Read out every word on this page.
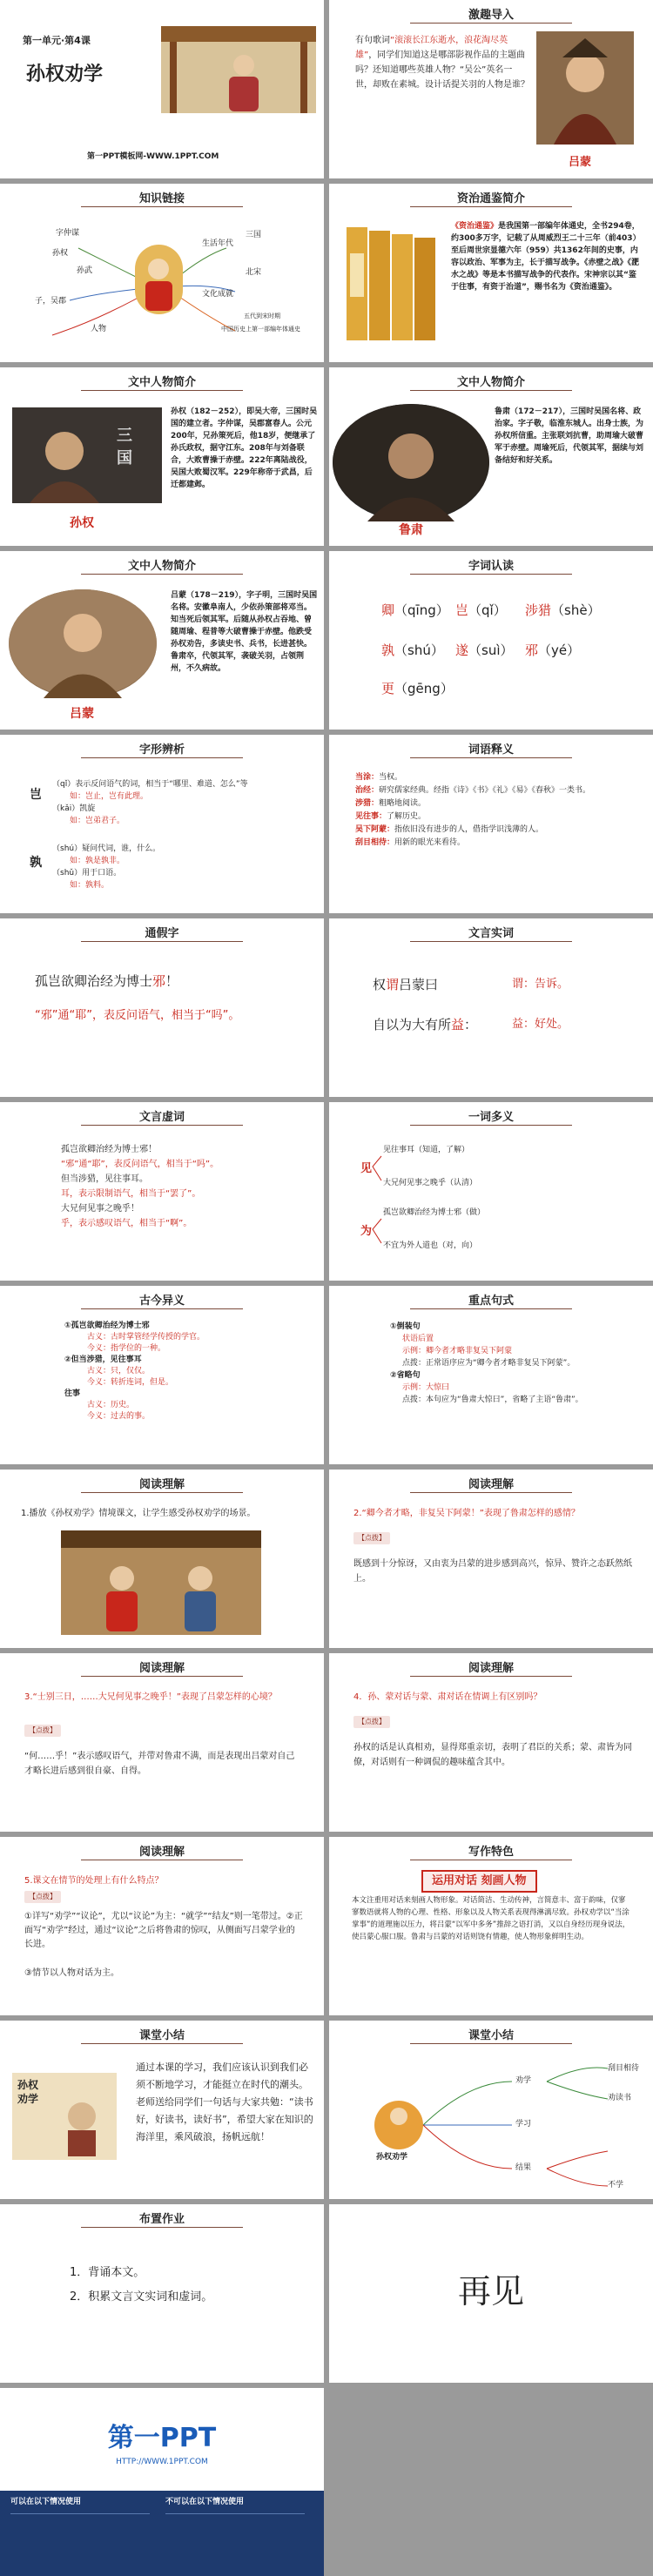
第一单元·第4课
孙权劝学
第一PPT模板网-WWW.1PPT.COM
激趣导入
有句歌词“滚滚长江东逝水，浪花淘尽英雄”，同学们知道这是哪部影视作品的主题曲吗？还知道哪些英雄人物？“吴公”英名一世，却败在素城。设计话提关羽的人物是谁？
吕蒙
知识链接
孙权
字仲谋
子，吴郡
人物
孙武
生活年代
三国
文化成就
五代到宋时期
中国历史上第一部编年体通史
北宋
资治通鉴简介
《资治通鉴》是我国第一部编年体通史，全书294卷，约300多万字，记载了从周威烈王二十三年（前403）至后周世宗显德六年（959）共1362年间的史事，内容以政治、军事为主，长于描写战争。《赤壁之战》《淝水之战》等是本书描写战争的代表作。宋神宗以其“鉴于往事，有资于治道”，赐书名为《资治通鉴》。
文中人物简介
三国
孙权（182－252），即吴大帝，三国时吴国的建立者。字仲谋，吴郡富春人。公元200年，兄孙策死后，他18岁，便继承了孙氏政权，据守江东。208年与刘备联合，大败曹操于赤壁。222年离陆战役，吴国大败蜀汉军。229年称帝于武昌，后迁都建邺。
孙权
文中人物简介
鲁肃（172－217），三国时吴国名将、政治家。字子敬，临淮东城人。出身士族，为孙权所信重。主张联刘抗曹，助周瑜大破曹军于赤壁。周瑜死后，代领其军，据续与刘备结好和好关系。
鲁肃
文中人物简介
吕蒙（178－219），字子明，三国时吴国名将。安徽阜南人，少依孙策部将邓当。知当死后领其军。后随从孙权占吞地、曾随周瑜、程普等大破曹操于赤壁。他跌受孙权劝告，多读史书、兵书，长进甚快。鲁肃卒，代领其军，袭破关羽，占领荆州，不久病故。
吕蒙
字词认读
卿（qīng） 岂（qǐ） 涉猎（shè）
孰（shú） 遂（suì） 邪（yé）
更（gēng）
字形辨析
岂
（qǐ）表示反问语气的词，相当于“哪里、难道、怎么”等
如：岂止，岂有此理。
（kǎi）凯旋
如：岂弟君子。
孰
（shú）疑问代词，谁，什么。
如：孰是孰非。
（shǔ）用于口语。
如：孰料。
词语释义
当涂：当权。
治经：研究儒家经典。经指《诗》《书》《礼》《易》《春秋》一类书。
涉猎：粗略地阅读。
见往事：了解历史。
吴下阿蒙：指依旧没有进步的人，借指学识浅薄的人。
刮目相待：用新的眼光来看待。
通假字
孤岂欲卿治经为博士邪！
“邪”通“耶”，表反问语气，相当于“吗”。
文言实词
权谓吕蒙曰	谓：告诉。
自以为大有所益：	益：好处。
文言虚词
孤岂欲卿治经为博士邪！
“邪”通“耶”，表反问语气，相当于“吗”。
但当涉猎，见往事耳。
耳，表示限制语气，相当于“罢了”。
大兄何见事之晚乎！
乎，表示感叹语气，相当于“啊”。
一词多义
见
见往事耳（知道，了解）
大兄何见事之晚乎（认清）
为
孤岂欲卿治经为博士邪（做）
不宜为外人道也（对，向）
古今异义
①孤岂欲卿治经为博士邪
古义：古时掌管经学传授的学官。
今义：指学位的一种。
②但当涉猎，见往事耳
古义：只，仅仅。
今义：转折连词，但是。
往事
古义：历史。
今义：过去的事。
重点句式
①倒装句
状语后置
示例：卿今者才略非复吴下阿蒙
点拨：正常语序应为“卿今者才略非复吴下阿蒙”。
②省略句
示例：大惊曰
点拨：本句应为“鲁肃大惊曰”，省略了主语“鲁肃”。
阅读理解
1.播放《孙权劝学》情境课文，让学生感受孙权劝学的场景。
阅读理解
2.“卿今者才略，非复吴下阿蒙！”表现了鲁肃怎样的感情？
【点拨】
既感到十分惊讶，又由衷为吕蒙的进步感到高兴，惊异、赞许之态跃然纸上。
阅读理解
3.“士别三日，……大兄何见事之晚乎！”表现了吕蒙怎样的心境？
【点拨】
“何……乎！”表示感叹语气，并带对鲁肃不满，而是表现出吕蒙对自己才略长进后感到很自豪、自得。
阅读理解
4．孙、蒙对话与蒙、肃对话在情调上有区别吗？
【点拨】
孙权的话是认真相劝，显得郑重亲切，表明了君臣的关系；蒙、肃皆为同僚，对话则有一种调侃的趣味蕴含其中。
阅读理解
5.课文在情节的处理上有什么特点？
【点拨】
①详写“劝学”“议论”，尤以“议论”为主：“就学”“结友”则一笔带过。②正面写“劝学”经过，通过“议论”之后将鲁肃的惊叹，从侧面写吕蒙学业的长进。
③情节以人物对话为主。
写作特色
运用对话 刻画人物
本文注重用对话来刻画人物形象。对话简洁、生动传神，言简意丰、富于韵味，仅寥寥数语就将人物的心理、性格、形象以及人物关系表现得淋漓尽致。孙权劝学以“当涂掌事”的道理施以压力，将吕蒙“以军中多务”推辞之语打消，又以自身经历现身说法，使吕蒙心服口服。鲁肃与吕蒙的对话则饶有情趣，使人物形象鲜明生动。
课堂小结
孙权劝学
通过本课的学习，我们应该认识到我们必须不断地学习，才能挺立在时代的潮头。老师送给同学们一句话与大家共勉：“读书好，好读书，读好书”，希望大家在知识的海洋里，乘风破浪，扬帆远航！
课堂小结
孙权劝学
劝学
学习
结果
刮目相待
劝读书
不学
布置作业
1．背诵本文。
2．积累文言文实词和虚词。	再见
第一PPT
HTTP://WWW.1PPT.COM
可以在以下情况使用	不可以在以下情况使用
